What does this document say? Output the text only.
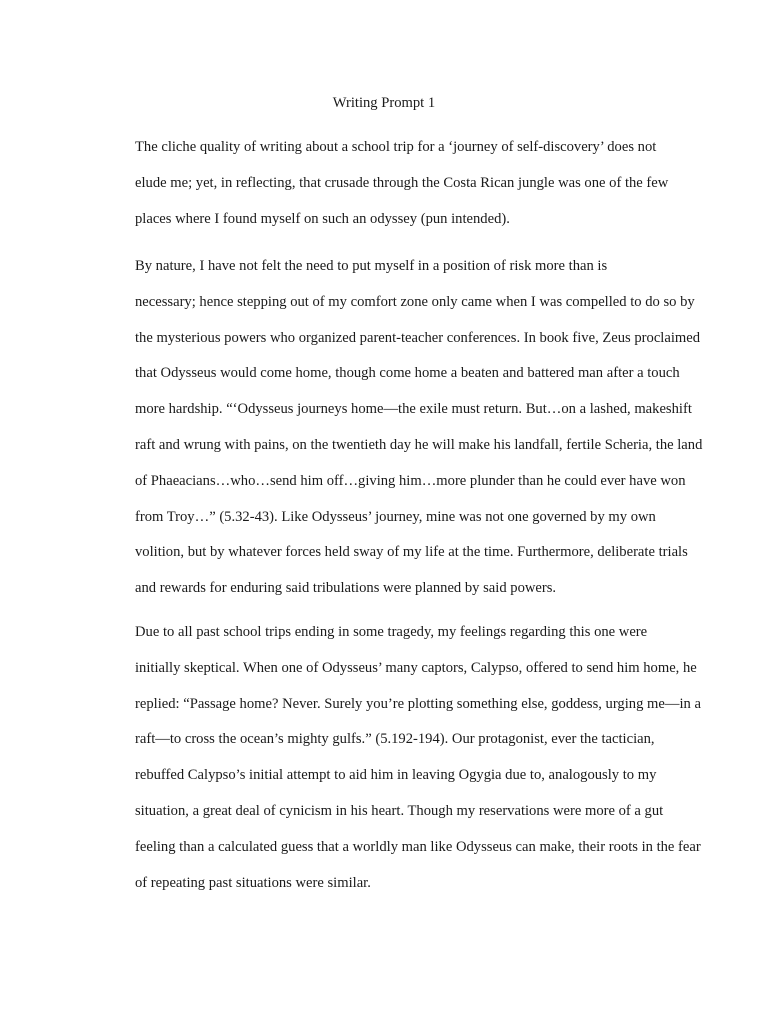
Writing Prompt 1

The cliche quality of writing about a school trip for a ‘journey of self-discovery’ does not
elude me; yet, in reflecting, that crusade through the Costa Rican jungle was one of the few
places where I found myself on such an odyssey (pun intended).

By nature, I have not felt the need to put myself in a position of risk more than is
necessary; hence stepping out of my comfort zone only came when I was compelled to do so by
the mysterious powers who organized parent-teacher conferences. In book five, Zeus proclaimed
that Odysseus would come home, though come home a beaten and battered man after a touch
more hardship. “‘Odysseus journeys home—the exile must return. But…on a lashed, makeshift
raft and wrung with pains, on the twentieth day he will make his landfall, fertile Scheria, the land
of Phaeacians…who…send him off…giving him…more plunder than he could ever have won
from Troy…” (5.32-43). Like Odysseus’ journey, mine was not one governed by my own
volition, but by whatever forces held sway of my life at the time. Furthermore, deliberate trials
and rewards for enduring said tribulations were planned by said powers.

Due to all past school trips ending in some tragedy, my feelings regarding this one were
initially skeptical. When one of Odysseus’ many captors, Calypso, offered to send him home, he
replied: “Passage home? Never. Surely you’re plotting something else, goddess, urging me—in a
raft—to cross the ocean’s mighty gulfs.” (5.192-194). Our protagonist, ever the tactician,
rebuffed Calypso’s initial attempt to aid him in leaving Ogygia due to, analogously to my
situation, a great deal of cynicism in his heart. Though my reservations were more of a gut
feeling than a calculated guess that a worldly man like Odysseus can make, their roots in the fear
of repeating past situations were similar.
